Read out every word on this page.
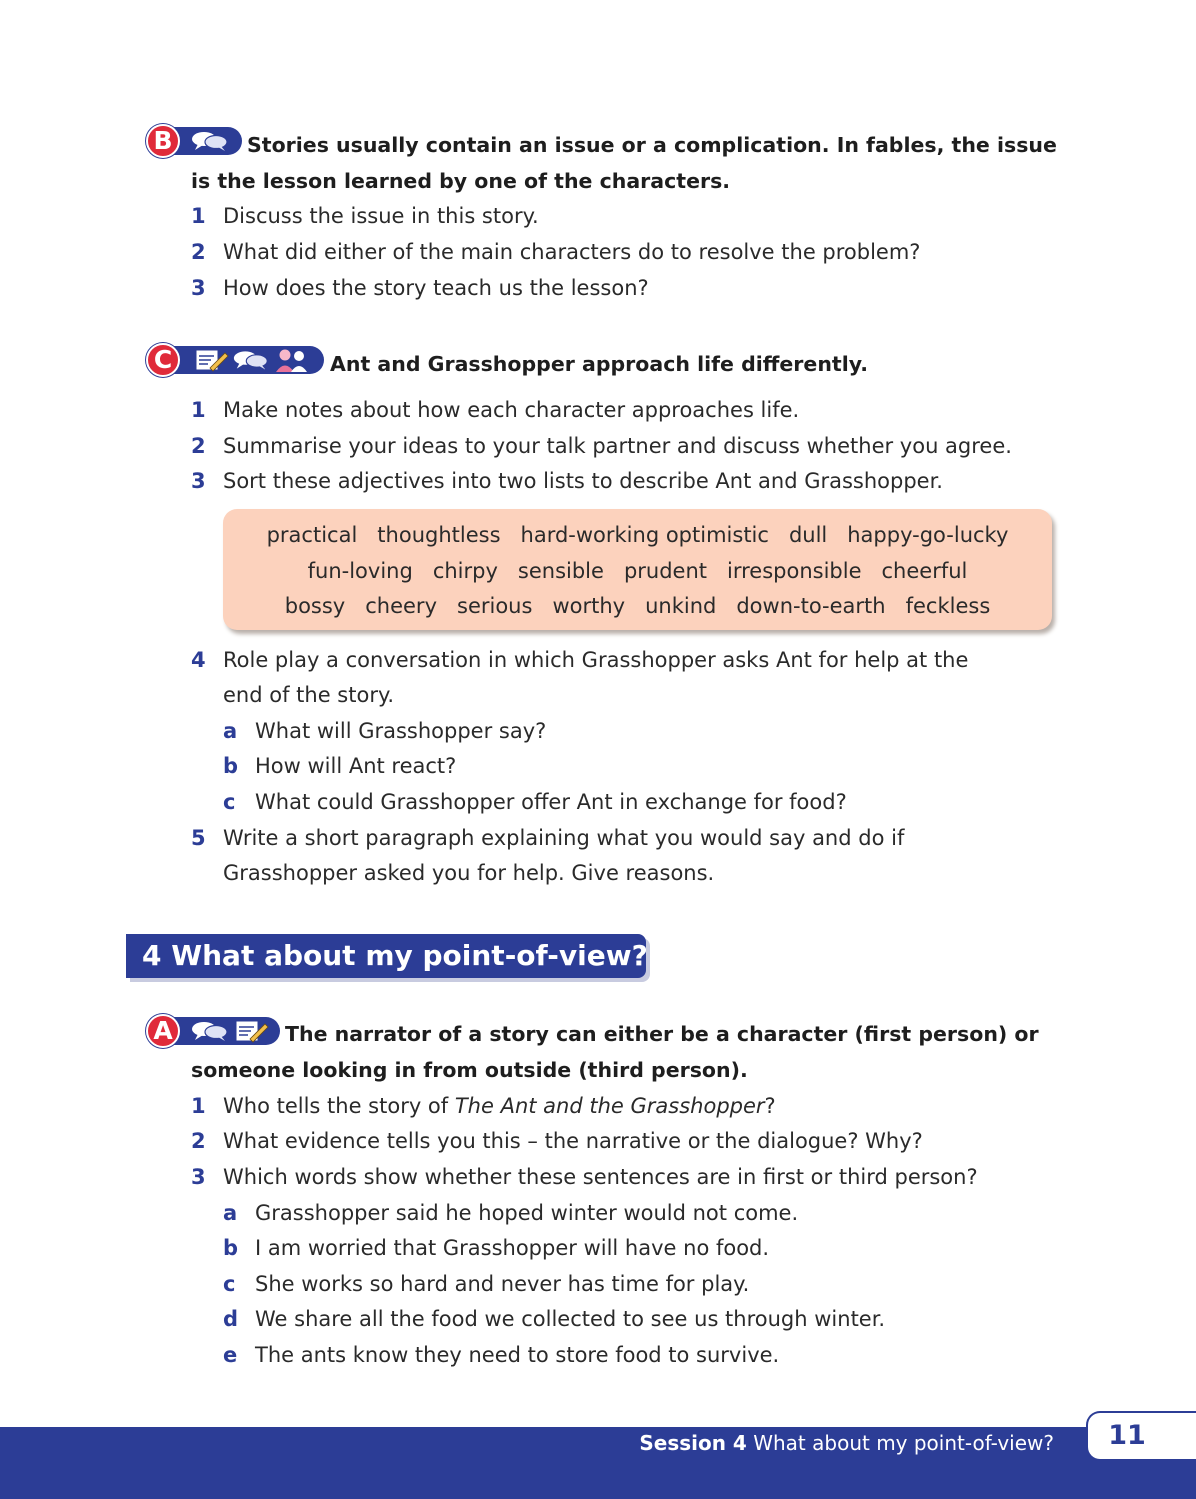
B	Stories usually contain an issue or a complication. In fables, the issue
is the lesson learned by one of the characters.
1 Discuss the issue in this story.
2 What did either of the main characters do to resolve the problem?
3 How does the story teach us the lesson?
C	Ant and Grasshopper approach life differently.
1 Make notes about how each character approaches life.
2 Summarise your ideas to your talk partner and discuss whether you agree.
3 Sort these adjectives into two lists to describe Ant and Grasshopper.
practical thoughtless hard-working optimistic dull happy-go-lucky
fun-loving chirpy sensible prudent irresponsible cheerful
bossy cheery serious worthy unkind down-to-earth feckless
4 Role play a conversation in which Grasshopper asks Ant for help at the
end of the story.
a What will Grasshopper say?
b How will Ant react?
c What could Grasshopper offer Ant in exchange for food?
5 Write a short paragraph explaining what you would say and do if
Grasshopper asked you for help. Give reasons.
4 What about my point-of-view?
A	The narrator of a story can either be a character (first person) or
someone looking in from outside (third person).
1 Who tells the story of The Ant and the Grasshopper?
2 What evidence tells you this – the narrative or the dialogue? Why?
3 Which words show whether these sentences are in first or third person?
a Grasshopper said he hoped winter would not come.
b I am worried that Grasshopper will have no food.
c She works so hard and never has time for play.
d We share all the food we collected to see us through winter.
e The ants know they need to store food to survive.
Session 4 What about my point-of-view?	11
